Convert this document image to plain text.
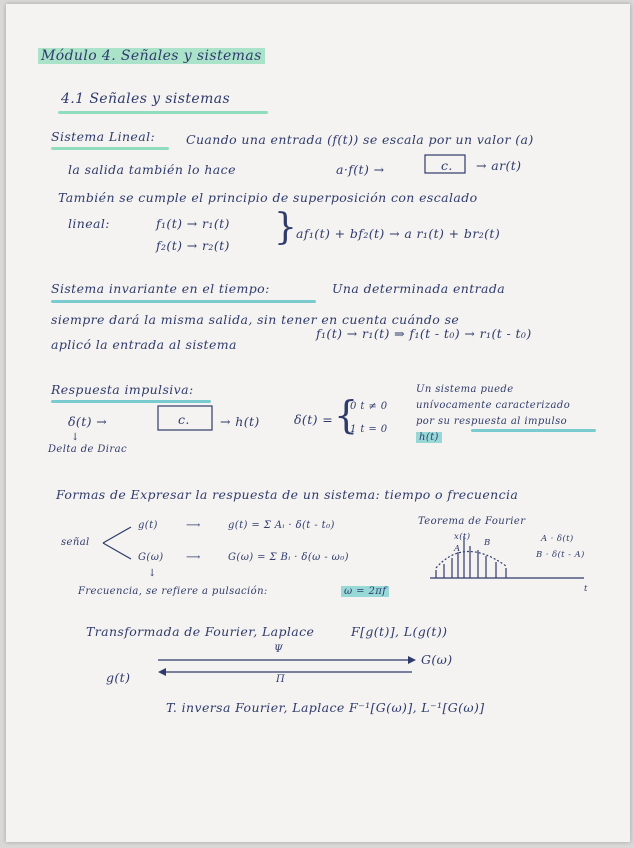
Módulo 4. Señales y sistemas
4.1 Señales y sistemas
Sistema Lineal: Cuando una entrada (f(t)) se escala por un valor (a)
la salida también lo hace	a·f(t) →	c. → ar(t)
También se cumple el principio de superposición con escalado
lineal:	f₁(t) → r₁(t)
f₂(t) → r₂(t) } af₁(t) + bf₂(t) → a r₁(t) + br₂(t)
Sistema invariante en el tiempo:	Una determinada entrada
siempre dará la misma salida, sin tener en cuenta cuándo se
aplicó la entrada al sistema
f₁(t) → r₁(t) ⇒ f₁(t - t₀) → r₁(t - t₀)
Respuesta impulsiva:
δ(t) →	c. → h(t)	δ(t) = {
0 t ≠ 0
1 t = 0
↓
Delta de Dirac
Un sistema puede
unívocamente caracterizado
por su respuesta al impulso
h(t)
Formas de Expresar la respuesta de un sistema: tiempo o frecuencia
señal
g(t)	⟶	g(t) = Σ Aᵢ · δ(t - t₀)
G(ω) ⟶	G(ω) = Σ Bᵢ · δ(ω - ω₀)
↓
Frecuencia, se refiere a pulsación:	ω = 2πf
Teorema de Fourier
x(t)
A
B
t
A · δ(t)
B · δ(t - A)
Transformada de Fourier, Laplace	F[g(t)], L(g(t))
g(t)
Ψ
Π
G(ω)
T. inversa Fourier, Laplace F⁻¹[G(ω)], L⁻¹[G(ω)]
